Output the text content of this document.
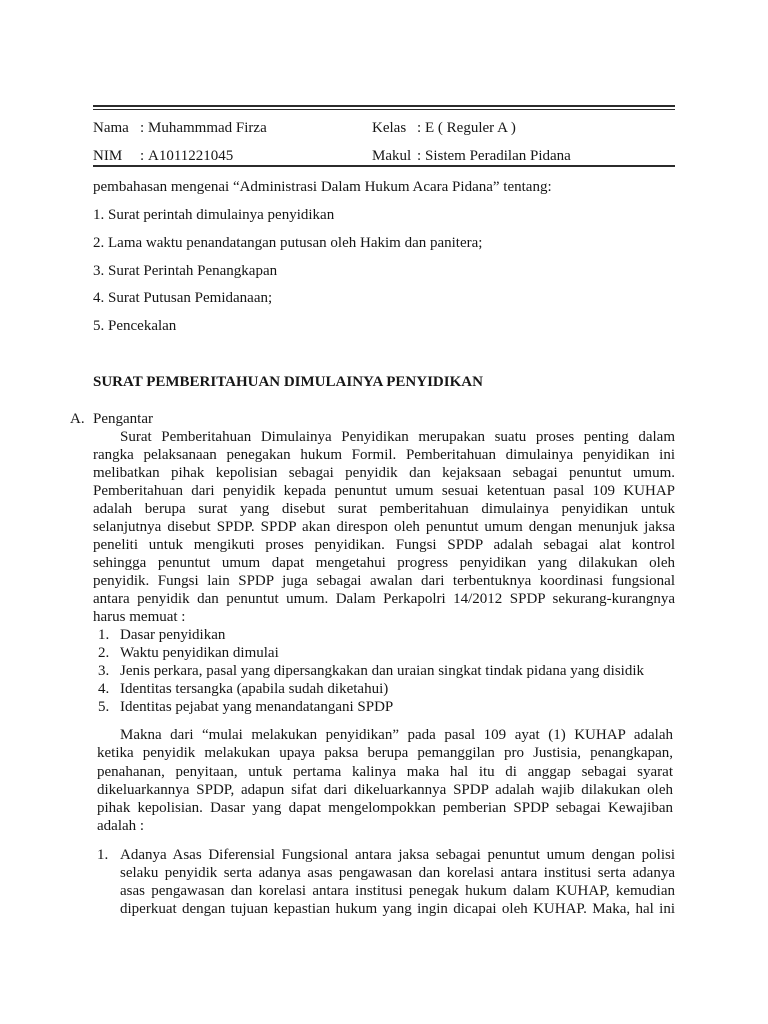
Nama : Muhammmad Firza	Kelas : E ( Reguler A )
NIM : A1011221045	Makul : Sistem Peradilan Pidana
pembahasan mengenai “Administrasi Dalam Hukum Acara Pidana” tentang:
1. Surat perintah dimulainya penyidikan
2. Lama waktu penandatangan putusan oleh Hakim dan panitera;
3. Surat Perintah Penangkapan
4. Surat Putusan Pemidanaan;
5. Pencekalan
SURAT PEMBERITAHUAN DIMULAINYA PENYIDIKAN
A. Pengantar
Surat Pemberitahuan Dimulainya Penyidikan merupakan suatu proses penting dalam
rangka pelaksanaan penegakan hukum Formil. Pemberitahuan dimulainya penyidikan ini
melibatkan pihak kepolisian sebagai penyidik dan kejaksaan sebagai penuntut umum.
Pemberitahuan dari penyidik kepada penuntut umum sesuai ketentuan pasal 109 KUHAP
adalah berupa surat yang disebut surat pemberitahuan dimulainya penyidikan untuk
selanjutnya disebut SPDP. SPDP akan direspon oleh penuntut umum dengan menunjuk jaksa
peneliti untuk mengikuti proses penyidikan. Fungsi SPDP adalah sebagai alat kontrol
sehingga penuntut umum dapat mengetahui progress penyidikan yang dilakukan oleh
penyidik. Fungsi lain SPDP juga sebagai awalan dari terbentuknya koordinasi fungsional
antara penyidik dan penuntut umum. Dalam Perkapolri 14/2012 SPDP sekurang-kurangnya
harus memuat :
1. Dasar penyidikan
2. Waktu penyidikan dimulai
3. Jenis perkara, pasal yang dipersangkakan dan uraian singkat tindak pidana yang disidik
4. Identitas tersangka (apabila sudah diketahui)
5. Identitas pejabat yang menandatangani SPDP
Makna dari “mulai melakukan penyidikan” pada pasal 109 ayat (1) KUHAP adalah
ketika penyidik melakukan upaya paksa berupa pemanggilan pro Justisia, penangkapan,
penahanan, penyitaan, untuk pertama kalinya maka hal itu di anggap sebagai syarat
dikeluarkannya SPDP, adapun sifat dari dikeluarkannya SPDP adalah wajib dilakukan oleh
pihak kepolisian. Dasar yang dapat mengelompokkan pemberian SPDP sebagai Kewajiban
adalah :
1. Adanya Asas Diferensial Fungsional antara jaksa sebagai penuntut umum dengan polisi
selaku penyidik serta adanya asas pengawasan dan korelasi antara institusi serta adanya
asas pengawasan dan korelasi antara institusi penegak hukum dalam KUHAP, kemudian
diperkuat dengan tujuan kepastian hukum yang ingin dicapai oleh KUHAP. Maka, hal ini
